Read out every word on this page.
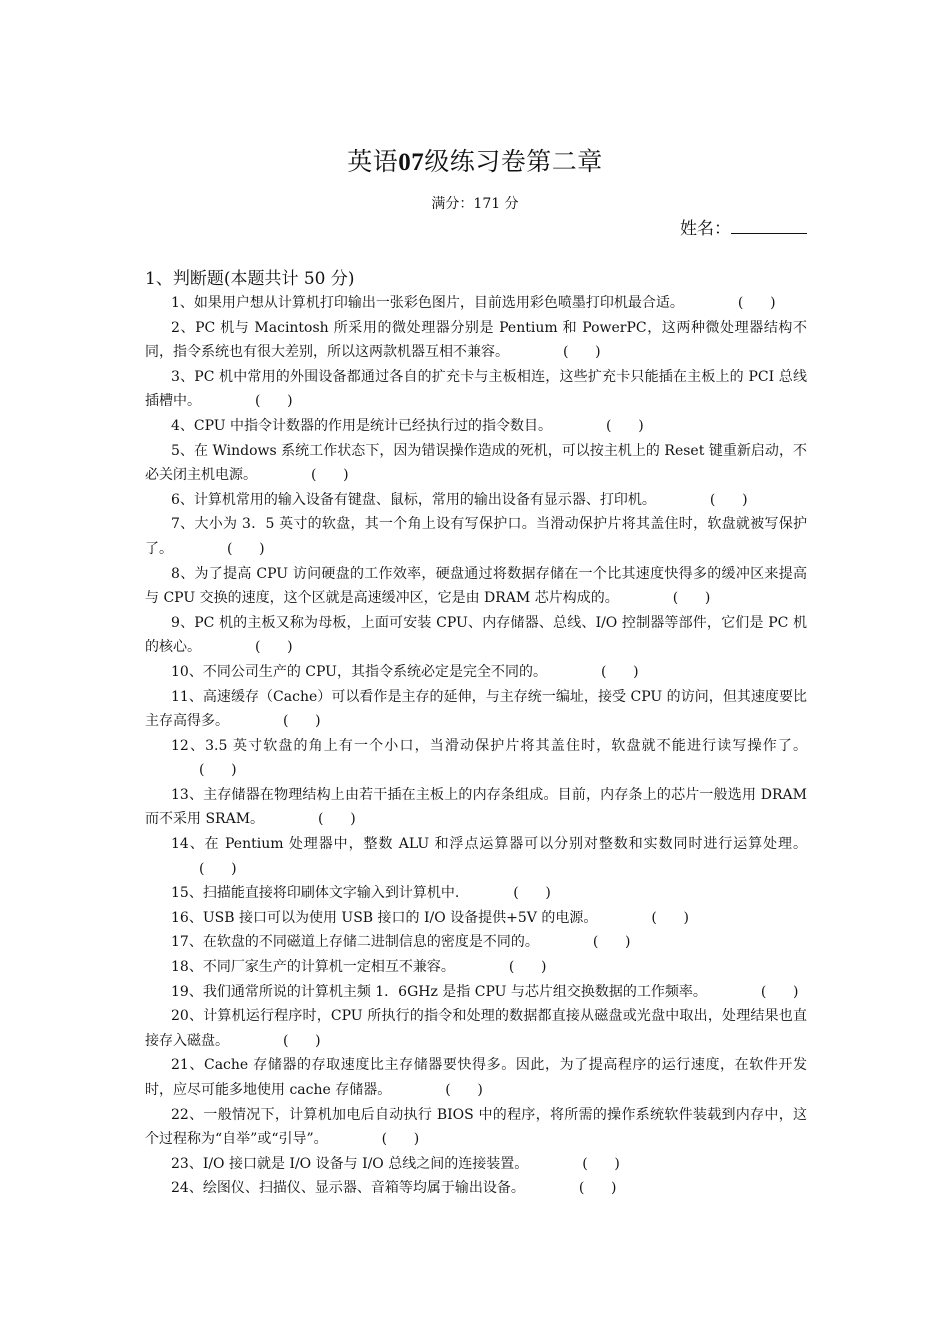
英语07级练习卷第二章
满分：171 分
姓名：
1、判断题(本题共计 50 分)

1、如果用户想从计算机打印输出一张彩色图片，目前选用彩色喷墨打印机最合适。	(      )

2、PC 机与 Macintosh 所采用的微处理器分别是 Pentium 和 PowerPC，这两种微处理器结构不同，指令系统也有很大差别，所以这两款机器互相不兼容。	(      )

3、PC 机中常用的外围设备都通过各自的扩充卡与主板相连，这些扩充卡只能插在主板上的 PCI 总线插槽中。	(      )

4、CPU 中指令计数器的作用是统计已经执行过的指令数目。	(      )

5、在 Windows 系统工作状态下，因为错误操作造成的死机，可以按主机上的 Reset 键重新启动，不必关闭主机电源。	(      )

6、计算机常用的输入设备有键盘、鼠标，常用的输出设备有显示器、打印机。	(      )

7、大小为 3．5 英寸的软盘，其一个角上设有写保护口。当滑动保护片将其盖住时，软盘就被写保护了。	(      )

8、为了提高 CPU 访问硬盘的工作效率，硬盘通过将数据存储在一个比其速度快得多的缓冲区来提高与 CPU 交换的速度，这个区就是高速缓冲区，它是由 DRAM 芯片构成的。	(      )

9、PC 机的主板又称为母板，上面可安装 CPU、内存储器、总线、I/O 控制器等部件，它们是 PC 机的核心。	(      )

10、不同公司生产的 CPU，其指令系统必定是完全不同的。	(      )

11、高速缓存（Cache）可以看作是主存的延伸，与主存统一编址，接受 CPU 的访问，但其速度要比主存高得多。	(      )

12、3.5 英寸软盘的角上有一个小口，当滑动保护片将其盖住时，软盘就不能进行读写操作了。(      )

13、主存储器在物理结构上由若干插在主板上的内存条组成。目前，内存条上的芯片一般选用 DRAM 而不采用 SRAM。	(      )

14、在 Pentium 处理器中，整数 ALU 和浮点运算器可以分别对整数和实数同时进行运算处理。(      )

15、扫描能直接将印刷体文字输入到计算机中.	(      )

16、USB 接口可以为使用 USB 接口的 I/O 设备提供+5V 的电源。	(      )

17、在软盘的不同磁道上存储二进制信息的密度是不同的。	(      )

18、不同厂家生产的计算机一定相互不兼容。	(      )

19、我们通常所说的计算机主频 1．6GHz 是指 CPU 与芯片组交换数据的工作频率。	(      )

20、计算机运行程序时，CPU 所执行的指令和处理的数据都直接从磁盘或光盘中取出，处理结果也直接存入磁盘。	(      )

21、Cache 存储器的存取速度比主存储器要快得多。因此，为了提高程序的运行速度，在软件开发时，应尽可能多地使用 cache 存储器。	(      )

22、一般情况下，计算机加电后自动执行 BIOS 中的程序，将所需的操作系统软件装载到内存中，这个过程称为“自举”或“引导”。	(      )

23、I/O 接口就是 I/O 设备与 I/O 总线之间的连接装置。	(      )

24、绘图仪、扫描仪、显示器、音箱等均属于输出设备。	(      )
